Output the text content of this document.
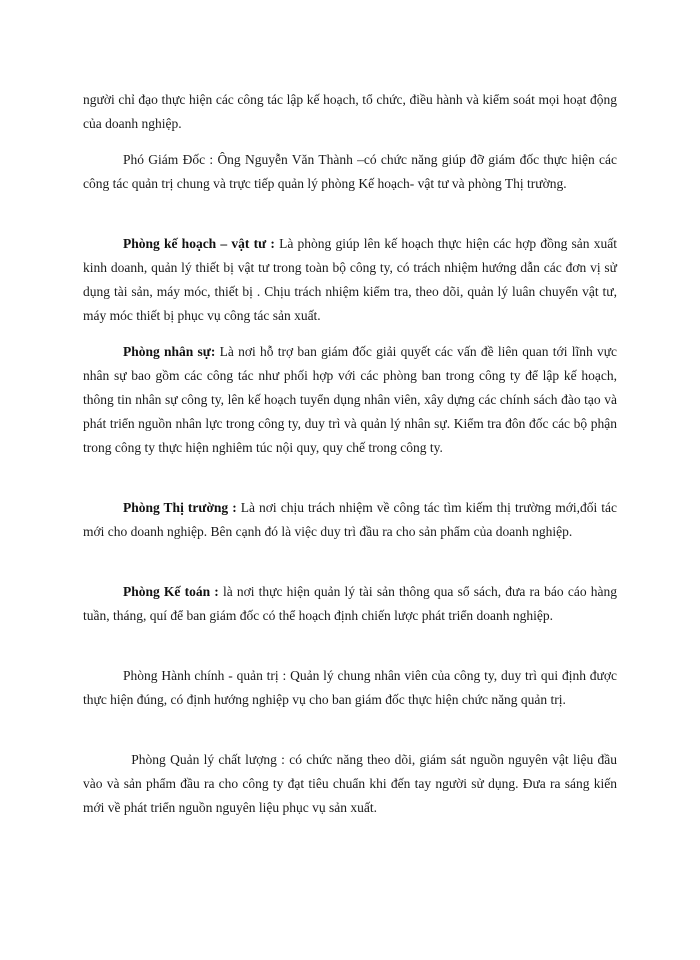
người chỉ đạo thực hiện các công tác lập kế hoạch, tổ chức, điều hành và kiểm soát mọi hoạt động của doanh nghiệp.

Phó Giám Đốc : Ông Nguyễn Văn Thành –có chức năng giúp đỡ giám đốc thực hiện các công tác quản trị chung và trực tiếp quản lý phòng Kế hoạch- vật tư và phòng Thị trường.

Phòng kế hoạch – vật tư : Là phòng giúp lên kế hoạch thực hiện các hợp đồng sản xuất kinh doanh, quản lý thiết bị vật tư trong toàn bộ công ty, có trách nhiệm hướng dẫn các đơn vị sử dụng tài sản, máy móc, thiết bị . Chịu trách nhiệm kiểm tra, theo dõi, quản lý luân chuyển vật tư, máy móc thiết bị phục vụ công tác sản xuất.

Phòng nhân sự: Là nơi hỗ trợ ban giám đốc giải quyết các vấn đề liên quan tới lĩnh vực nhân sự bao gồm các công tác như phối hợp với các phòng ban trong công ty để lập kế hoạch, thông tin nhân sự công ty, lên kế hoạch tuyển dụng nhân viên, xây dựng các chính sách đào tạo và phát triển nguồn nhân lực trong công ty, duy trì và quản lý nhân sự. Kiểm tra đôn đốc các bộ phận trong công ty thực hiện nghiêm túc nội quy, quy chế trong công ty.

Phòng Thị trường : Là nơi chịu trách nhiệm về công tác tìm kiếm thị trường mới,đối tác mới cho doanh nghiệp. Bên cạnh đó là việc duy trì đầu ra cho sản phẩm của doanh nghiệp.

Phòng Kế toán : là nơi thực hiện quản lý tài sản thông qua sổ sách, đưa ra báo cáo hàng tuần, tháng, quí để ban giám đốc có thể hoạch định chiến lược phát triển doanh nghiệp.

Phòng Hành chính - quản trị : Quản lý chung nhân viên của công ty, duy trì qui định được thực hiện đúng, có định hướng nghiệp vụ cho ban giám đốc thực hiện chức năng quản trị.

Phòng Quản lý chất lượng : có chức năng theo dõi, giám sát nguồn nguyên vật liệu đầu vào và sản phẩm đầu ra cho công ty đạt tiêu chuẩn khi đến tay người sử dụng. Đưa ra sáng kiến mới về phát triển nguồn nguyên liệu phục vụ sản xuất.
